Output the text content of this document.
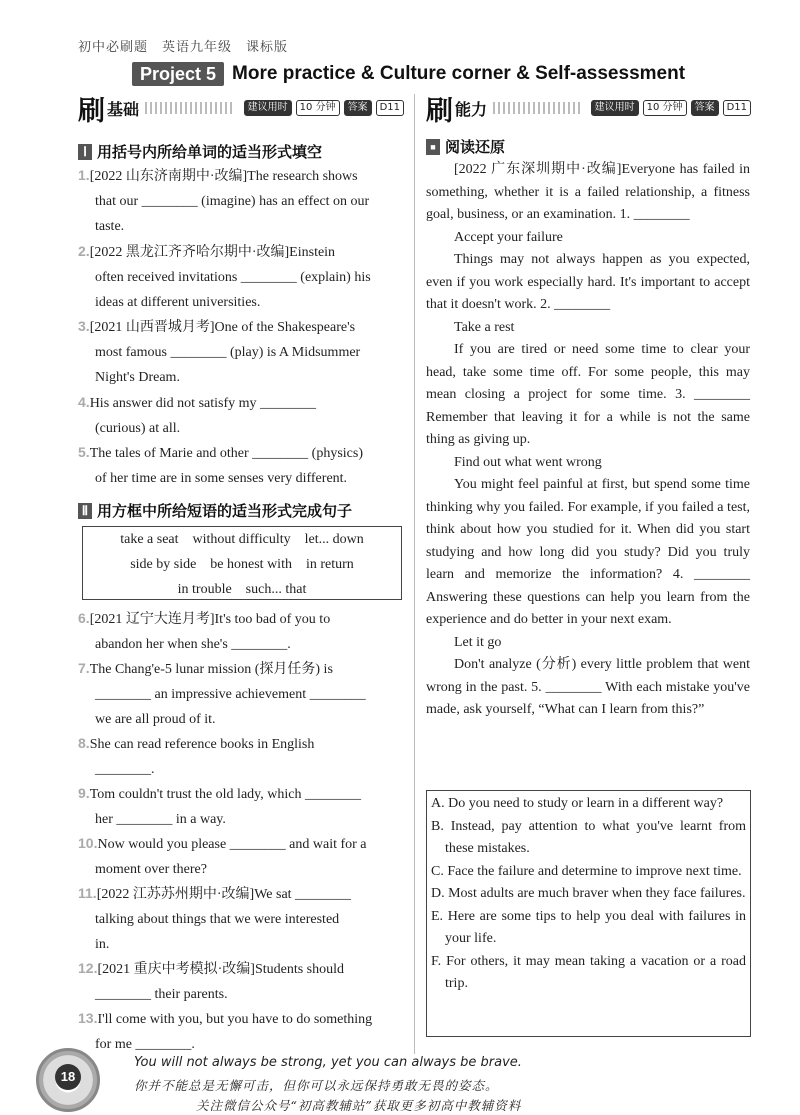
初中必刷题　英语九年级　课标版
Project 5 More practice & Culture corner & Self-assessment
刷 基础	建议用时	10 分钟	答案	D11 刷 能力	建议用时	10 分钟	答案	D11
Ⅰ 用括号内所给单词的适当形式填空
1.[2022 山东济南期中·改编]The research shows
that our ________ (imagine) has an effect on our
taste.
2.[2022 黑龙江齐齐哈尔期中·改编]Einstein
often received invitations ________ (explain) his
ideas at different universities.
3.[2021 山西晋城月考]One of the Shakespeare's
most famous ________ (play) is A Midsummer
Night's Dream.
4.His answer did not satisfy my ________
(curious) at all.
5.The tales of Marie and other ________ (physics)
of her time are in some senses very different.
Ⅱ 用方框中所给短语的适当形式完成句子
take a seat　without difficulty　let... down
side by side　be honest with　in return
in trouble　such... that
6.[2021 辽宁大连月考]It's too bad of you to
abandon her when she's ________.
7.The Chang'e-5 lunar mission (探月任务) is
________ an impressive achievement ________
we are all proud of it.
8.She can read reference books in English
________.
9.Tom couldn't trust the old lady, which ________
her ________ in a way.
10.Now would you please ________ and wait for a
moment over there?
11.[2022 江苏苏州期中·改编]We sat ________
talking about things that we were interested
in.
12.[2021 重庆中考模拟·改编]Students should
________ their parents.
13.I'll come with you, but you have to do something
for me ________.
■ 阅读还原

[2022 广东深圳期中·改编]Everyone has failed in something, whether it is a failed relationship, a fitness goal, business, or an examination. 1. ________

Accept your failure

Things may not always happen as you expected, even if you work especially hard. It's important to accept that it doesn't work. 2. ________

Take a rest

If you are tired or need some time to clear your head, take some time off. For some people, this may mean closing a project for some time. 3. ________ Remember that leaving it for a while is not the same thing as giving up.

Find out what went wrong

You might feel painful at first, but spend some time thinking why you failed. For example, if you failed a test, think about how you studied for it. When did you start studying and how long did you study? Did you truly learn and memorize the information? 4. ________ Answering these questions can help you learn from the experience and do better in your next exam.

Let it go

Don't analyze (分析) every little problem that went wrong in the past. 5. ________ With each mistake you've made, ask yourself, “What can I learn from this?”

A. Do you need to study or learn in a different way?
B. Instead, pay attention to what you've learnt from these mistakes.
C. Face the failure and determine to improve next time.
D. Most adults are much braver when they face failures.
E. Here are some tips to help you deal with failures in your life.
F. For others, it may mean taking a vacation or a road trip.
18
You will not always be strong, yet you can always be brave.
你并不能总是无懈可击，但你可以永远保持勇敢无畏的姿态。
关注微信公众号“初高教辅站”获取更多初高中教辅资料
